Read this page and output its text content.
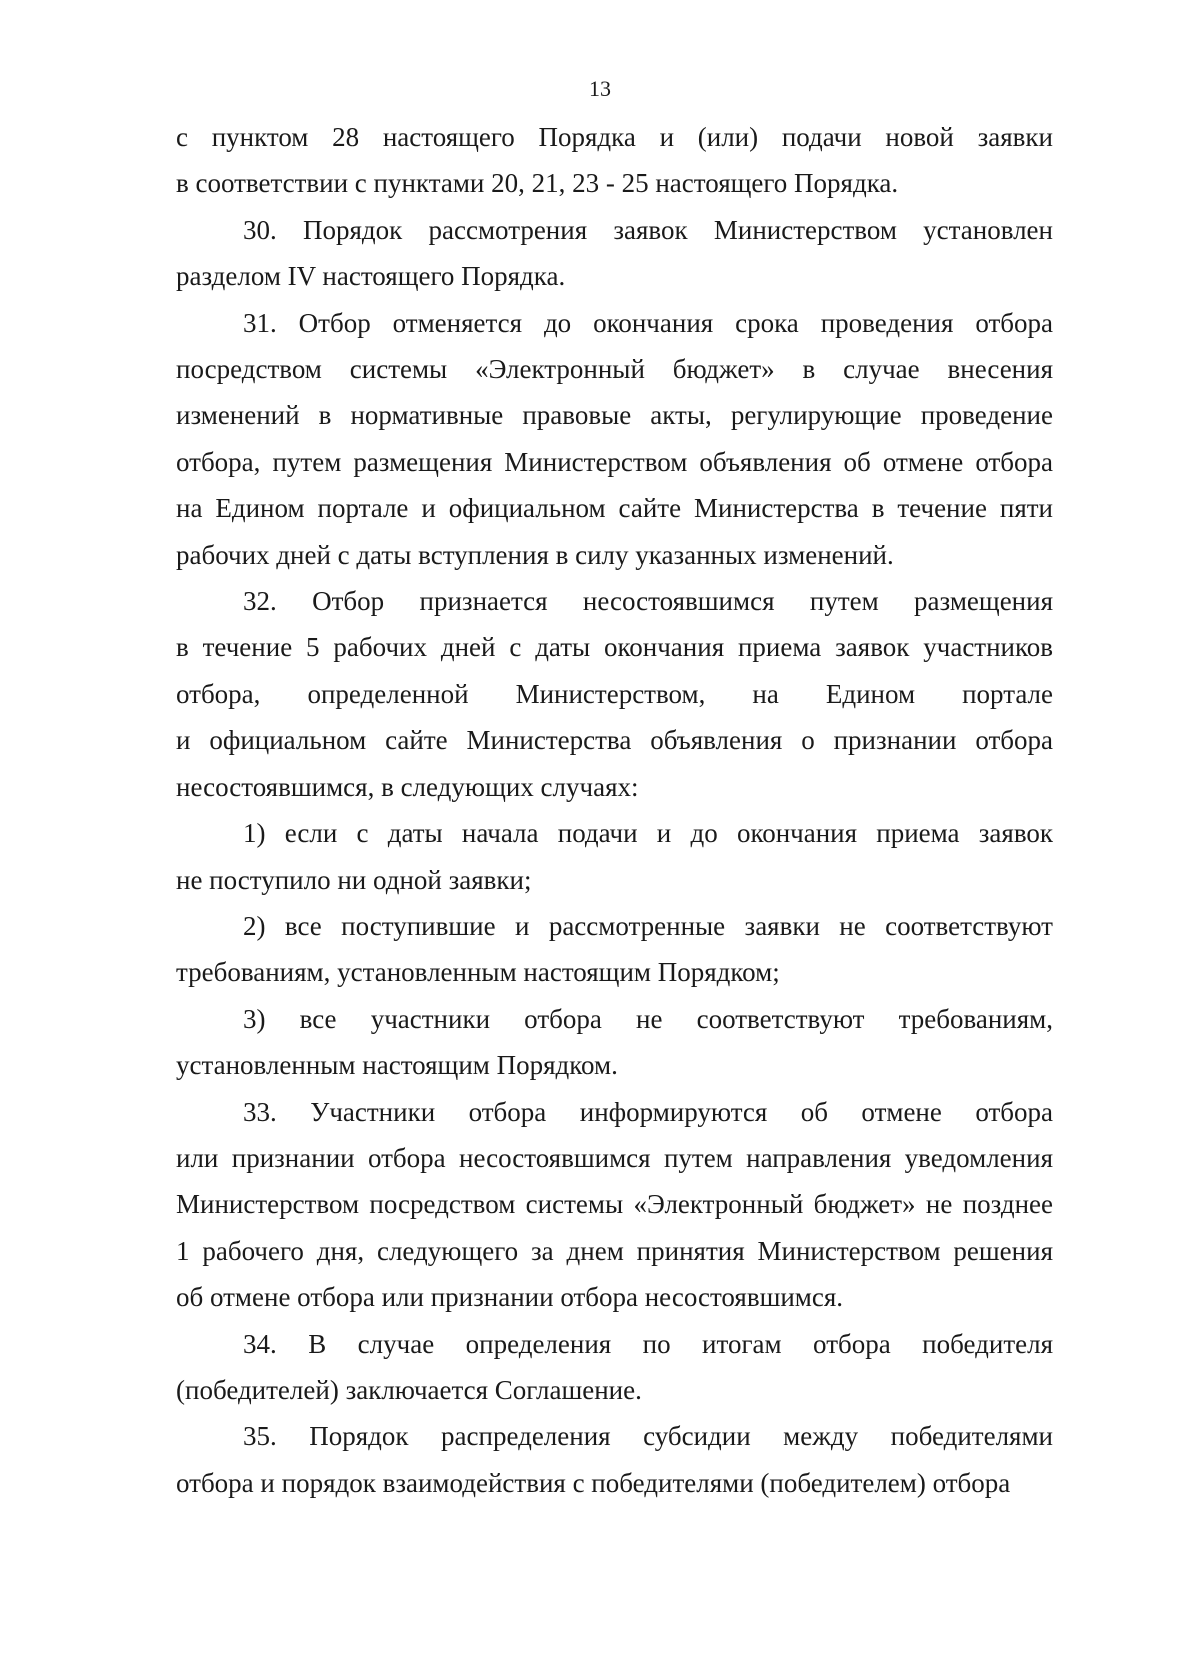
13
с пунктом 28 настоящего Порядка и (или) подачи новой заявки
в соответствии с пунктами 20, 21, 23 - 25 настоящего Порядка.
30. Порядок рассмотрения заявок Министерством установлен
разделом IV настоящего Порядка.
31. Отбор отменяется до окончания срока проведения отбора
посредством системы «Электронный бюджет» в случае внесения
изменений в нормативные правовые акты, регулирующие проведение
отбора, путем размещения Министерством объявления об отмене отбора
на Едином портале и официальном сайте Министерства в течение пяти
рабочих дней с даты вступления в силу указанных изменений.
32. Отбор признается несостоявшимся путем размещения
в течение 5 рабочих дней с даты окончания приема заявок участников
отбора, определенной Министерством, на Едином портале
и официальном сайте Министерства объявления о признании отбора
несостоявшимся, в следующих случаях:
1) если с даты начала подачи и до окончания приема заявок
не поступило ни одной заявки;
2) все поступившие и рассмотренные заявки не соответствуют
требованиям, установленным настоящим Порядком;
3) все участники отбора не соответствуют требованиям,
установленным настоящим Порядком.
33. Участники отбора информируются об отмене отбора
или признании отбора несостоявшимся путем направления уведомления
Министерством посредством системы «Электронный бюджет» не позднее
1 рабочего дня, следующего за днем принятия Министерством решения
об отмене отбора или признании отбора несостоявшимся.
34. В случае определения по итогам отбора победителя
(победителей) заключается Соглашение.
35. Порядок распределения субсидии между победителями
отбора и порядок взаимодействия с победителями (победителем) отбора
